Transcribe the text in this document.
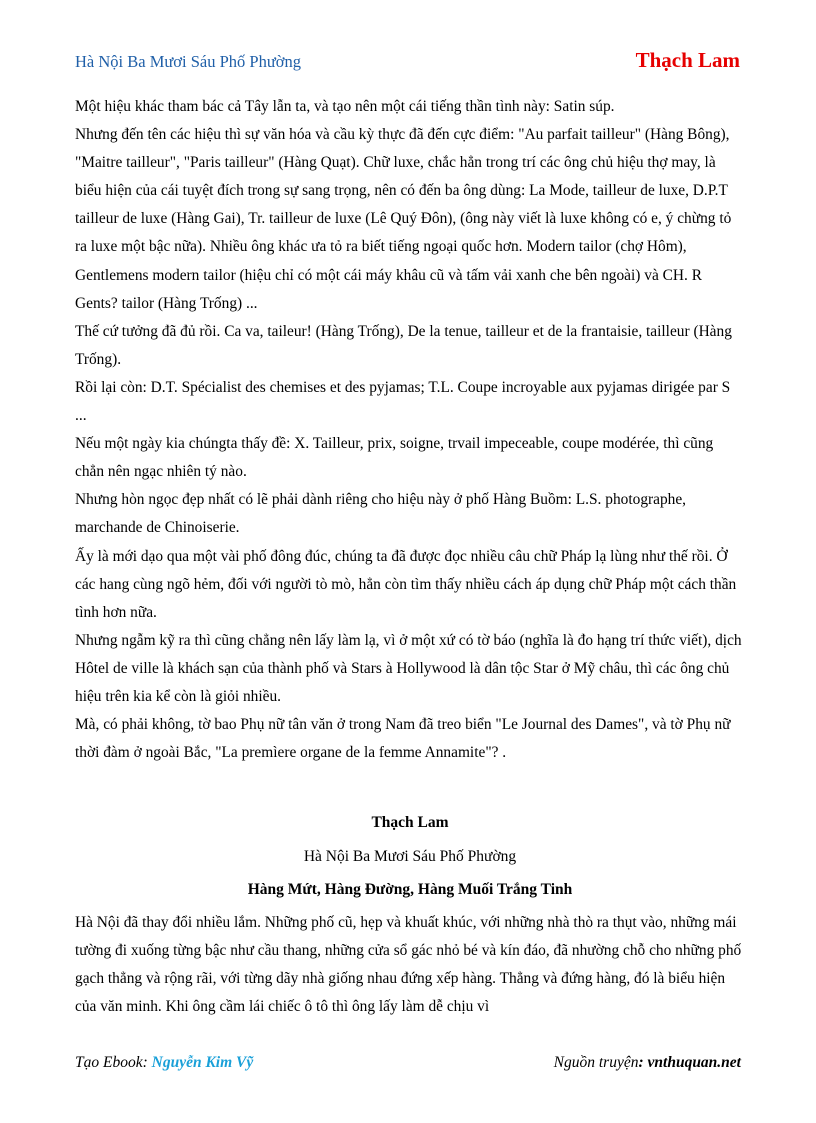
Hà Nội Ba Mươi Sáu Phố Phường	Thạch Lam

Một hiệu khác tham bác cả Tây lẫn ta, và tạo nên một cái tiếng thần tình này: Satin súp.

Nhưng đến tên các hiệu thì sự văn hóa và cầu kỳ thực đã đến cực điểm: "Au parfait tailleur" (Hàng Bông), "Maitre tailleur", "Paris tailleur" (Hàng Quạt). Chữ luxe, chắc hẳn trong trí các ông chủ hiệu thợ may, là biểu hiện của cái tuyệt đích trong sự sang trọng, nên có đến ba ông dùng: La Mode, tailleur de luxe, D.P.T tailleur de luxe (Hàng Gai), Tr. tailleur de luxe (Lê Quý Đôn), (ông này viết là luxe không có e, ý chừng tỏ ra luxe một bậc nữa). Nhiều ông khác ưa tỏ ra biết tiếng ngoại quốc hơn. Modern tailor (chợ Hôm), Gentlemens modern tailor (hiệu chỉ có một cái máy khâu cũ và tấm vải xanh che bên ngoài) và CH. R Gents? tailor (Hàng Trống) ...

Thế cứ tưởng đã đủ rồi. Ca va, taileur! (Hàng Trống), De la tenue, tailleur et de la frantaisie, tailleur (Hàng Trống).

Rồi lại còn: D.T. Spécialist des chemises et des pyjamas; T.L. Coupe incroyable aux pyjamas dirigée par S ...

Nếu một ngày kia chúngta thấy đề: X. Tailleur, prix, soigne, trvail impeceable, coupe modérée, thì cũng chẳn nên ngạc nhiên tý nào.

Nhưng hòn ngọc đẹp nhất có lẽ phải dành riêng cho hiệu này ở phố Hàng Buồm: L.S. photographe, marchande de Chinoiserie.

Ấy là mới dạo qua một vài phố đông đúc, chúng ta đã được đọc nhiều câu chữ Pháp lạ lùng như thế rồi. Ở các hang cùng ngõ hẻm, đối với người tò mò, hẳn còn tìm thấy nhiều cách áp dụng chữ Pháp một cách thần tình hơn nữa.

Nhưng ngẫm kỹ ra thì cũng chẳng nên lấy làm lạ, vì ở một xứ có tờ báo (nghĩa là đo hạng trí thức viết), dịch Hôtel de ville là khách sạn của thành phố và Stars à Hollywood là dân tộc Star ở Mỹ châu, thì các ông chủ hiệu trên kia kể còn là giỏi nhiều.

Mà, có phải không, tờ bao Phụ nữ tân văn ở trong Nam đã treo biển "Le Journal des Dames", và tờ Phụ nữ thời đàm ở ngoài Bắc, "La premìere organe de la femme Annamite"? .

Thạch Lam

Hà Nội Ba Mươi Sáu Phố Phường

Hàng Mứt, Hàng Đường, Hàng Muối Trắng Tinh

Hà Nội đã thay đổi nhiều lắm. Những phố cũ, hẹp và khuất khúc, với những nhà thò ra thụt vào, những mái tường đi xuống từng bậc như cầu thang, những cửa sổ gác nhỏ bé và kín đáo, đã nhường chỗ cho những phố gạch thẳng và rộng rãi, với từng dãy nhà giống nhau đứng xếp hàng. Thẳng và đứng hàng, đó là biểu hiện của văn minh. Khi ông cầm lái chiếc ô tô thì ông lấy làm dễ chịu vì

Tạo Ebook: Nguyễn Kim Vỹ	Nguồn truyện: vnthuquan.net
